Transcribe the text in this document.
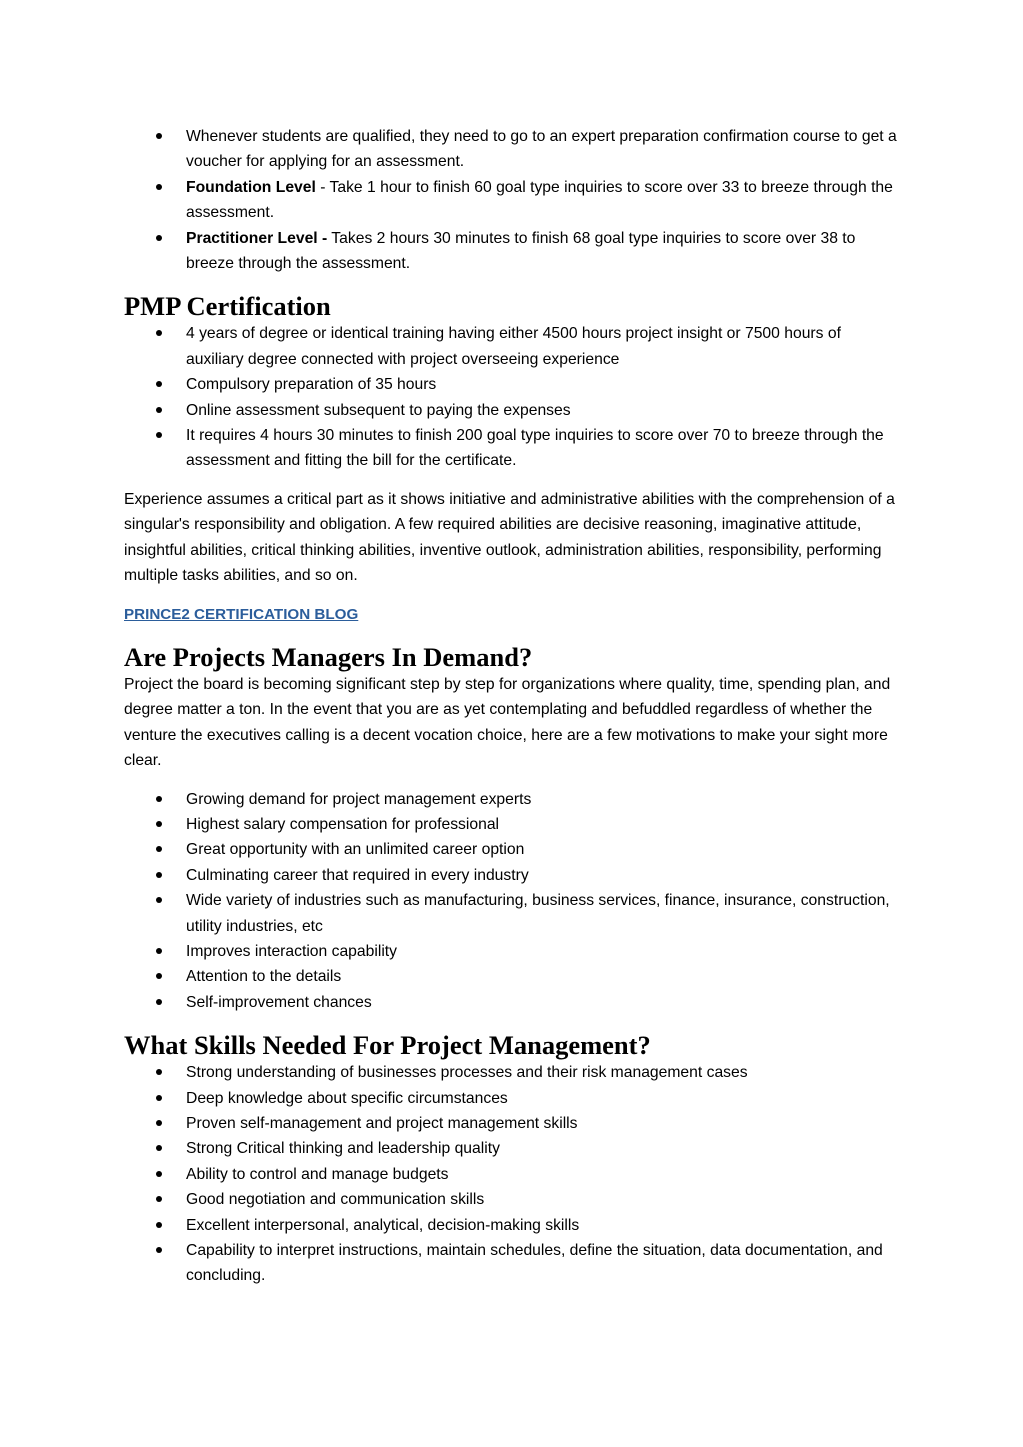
Whenever students are qualified, they need to go to an expert preparation confirmation course to get a voucher for applying for an assessment.
Foundation Level - Take 1 hour to finish 60 goal type inquiries to score over 33 to breeze through the assessment.
Practitioner Level - Takes 2 hours 30 minutes to finish 68 goal type inquiries to score over 38 to breeze through the assessment.
PMP Certification
4 years of degree or identical training having either 4500 hours project insight or 7500 hours of auxiliary degree connected with project overseeing experience
Compulsory preparation of 35 hours
Online assessment subsequent to paying the expenses
It requires 4 hours 30 minutes to finish 200 goal type inquiries to score over 70 to breeze through the assessment and fitting the bill for the certificate.

Experience assumes a critical part as it shows initiative and administrative abilities with the comprehension of a singular's responsibility and obligation. A few required abilities are decisive reasoning, imaginative attitude, insightful abilities, critical thinking abilities, inventive outlook, administration abilities, responsibility, performing multiple tasks abilities, and so on.

PRINCE2 CERTIFICATION BLOG
Are Projects Managers In Demand?

Project the board is becoming significant step by step for organizations where quality, time, spending plan, and degree matter a ton. In the event that you are as yet contemplating and befuddled regardless of whether the venture the executives calling is a decent vocation choice, here are a few motivations to make your sight more clear.

Growing demand for project management experts
Highest salary compensation for professional
Great opportunity with an unlimited career option
Culminating career that required in every industry
Wide variety of industries such as manufacturing, business services, finance, insurance, construction, utility industries, etc
Improves interaction capability
Attention to the details
Self-improvement chances
What Skills Needed For Project Management?
Strong understanding of businesses processes and their risk management cases
Deep knowledge about specific circumstances
Proven self-management and project management skills
Strong Critical thinking and leadership quality
Ability to control and manage budgets
Good negotiation and communication skills
Excellent interpersonal, analytical, decision-making skills
Capability to interpret instructions, maintain schedules, define the situation, data documentation, and concluding.
